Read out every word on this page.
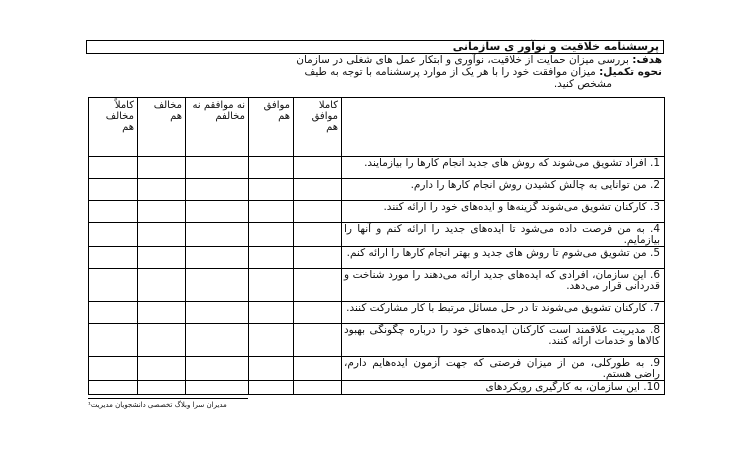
پرسشنامه خلاقیت و نوآور ی سازمانی

هدف: بررسی میزان حمایت از خلاقیت، نوآوری و ابتکار عمل های شغلی در سازمان

نحوه تکمیل: میزان موافقت خود را با هر یک از موارد پرسشنامه با توجه به طیف

مشخص کنید.

	کاملا موافق هم	موافق هم	نه موافقم نه مخالفم	مخالف هم	کاملاً مخالف هم
1. افراد تشویق می‌شوند که روش های جدید انجام کارها را بیازمایند.					
2. من توانایی به چالش کشیدن روش انجام کارها را دارم.					
3. کارکنان تشویق می‌شوند گزینه‌ها و ایده‌های خود را ارائه کنند.					
4. به من فرصت داده می‌شود تا ایده‌های جدید را ارائه کنم و آنها را بیازمایم.					
5. من تشویق می‌شوم تا روش های جدید و بهتر انجام کارها را ارائه کنم.					
6. این سازمان، افرادی که ایده‌های جدید ارائه می‌دهند را مورد شناخت و قدردانی قرار می‌دهد.					
7. کارکنان تشویق می‌شوند تا در حل مسائل مرتبط با کار مشارکت کنند.					
8. مدیریت علاقمند است کارکنان ایده‌های خود را درباره چگونگی بهبود کالاها و خدمات ارائه کنند.					
9. به طورکلی، من از میزان فرصتی که جهت آزمون ایده‌هایم دارم، راضی هستم.					
10. این سازمان، به کارگیری رویکردهای					
مدیران سرا وبلاگ تخصصی دانشجویان مدیریت¹
